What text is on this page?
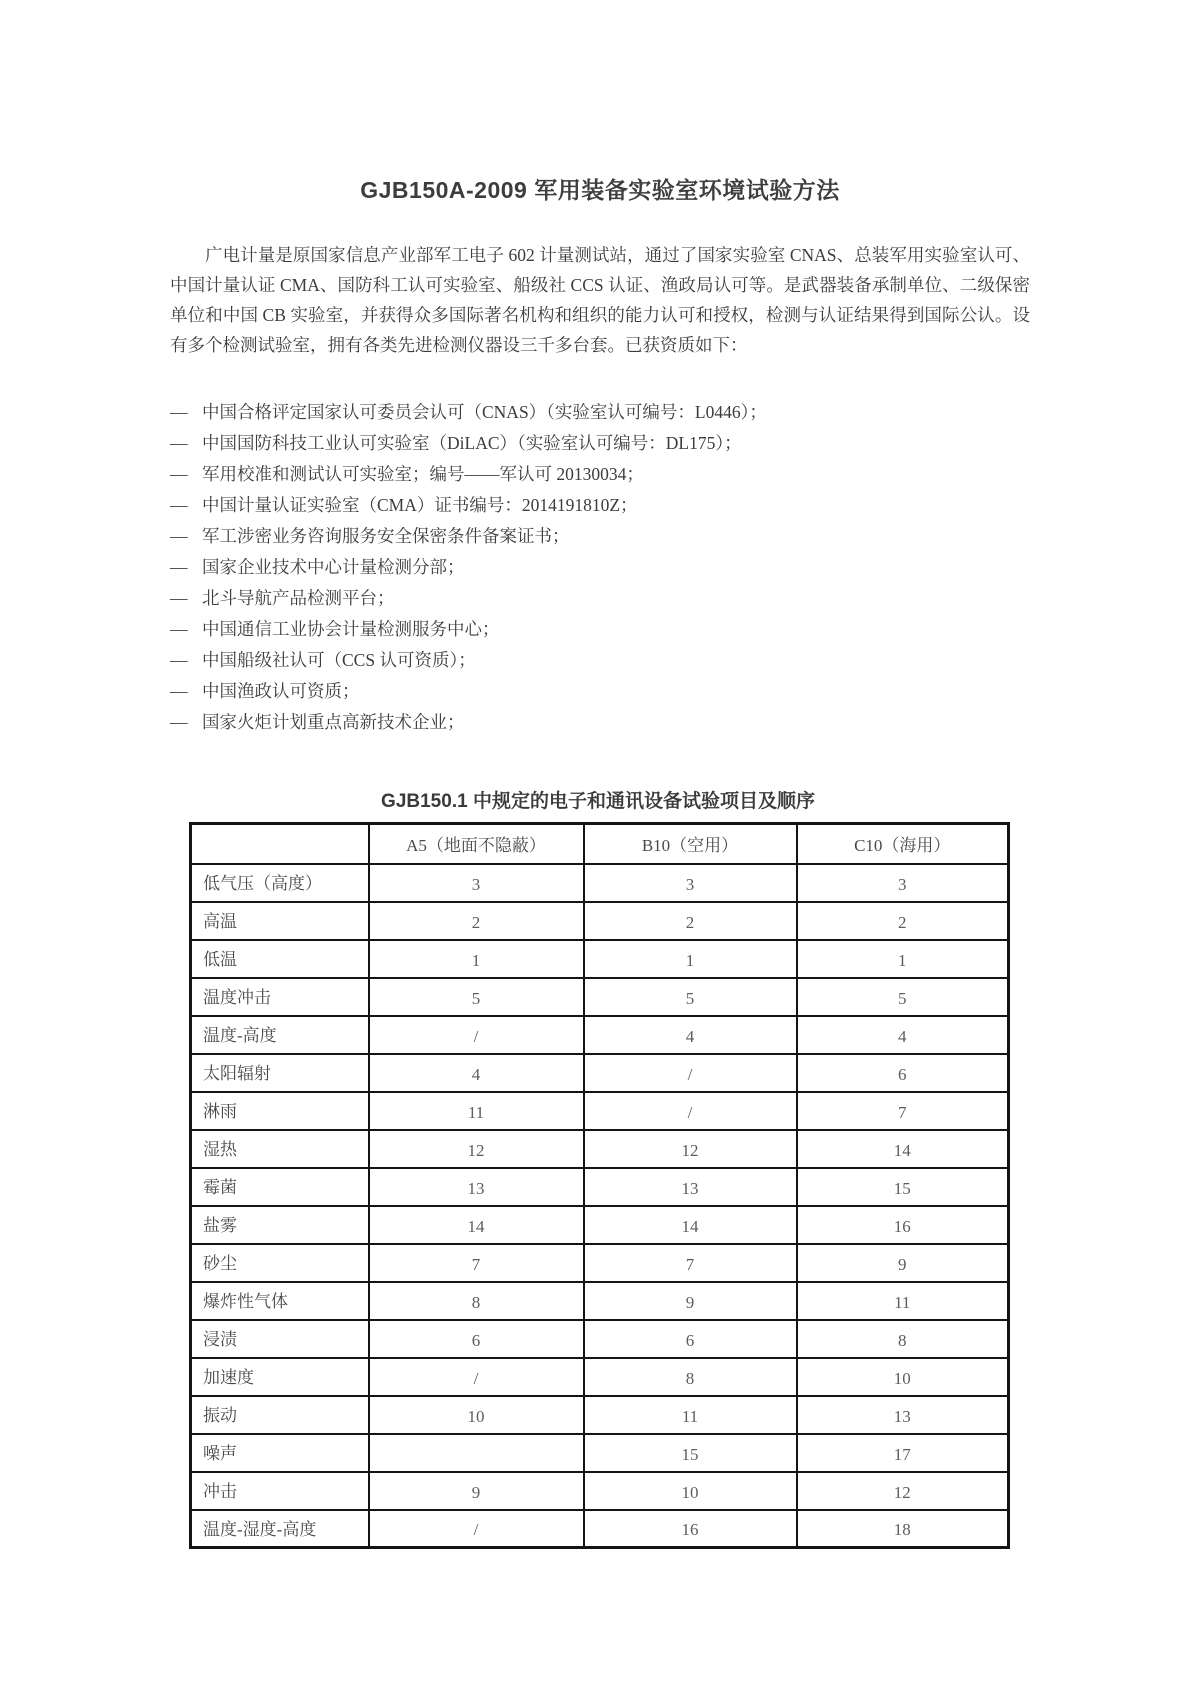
GJB150A-2009 军用装备实验室环境试验方法

广电计量是原国家信息产业部军工电子 602 计量测试站，通过了国家实验室 CNAS、总装军用实验室认可、中国计量认证 CMA、国防科工认可实验室、船级社 CCS 认证、渔政局认可等。是武器装备承制单位、二级保密单位和中国 CB 实验室，并获得众多国际著名机构和组织的能力认可和授权，检测与认证结果得到国际公认。设有多个检测试验室，拥有各类先进检测仪器设三千多台套。已获资质如下：

— 中国合格评定国家认可委员会认可（CNAS）（实验室认可编号：L0446）；
— 中国国防科技工业认可实验室（DiLAC）（实验室认可编号：DL175）；
— 军用校准和测试认可实验室；编号——军认可 20130034；
— 中国计量认证实验室（CMA）证书编号：2014191810Z；
— 军工涉密业务咨询服务安全保密条件备案证书；
— 国家企业技术中心计量检测分部；
— 北斗导航产品检测平台；
— 中国通信工业协会计量检测服务中心；
— 中国船级社认可（CCS 认可资质）；
— 中国渔政认可资质；
— 国家火炬计划重点高新技术企业；
GJB150.1 中规定的电子和通讯设备试验项目及顺序
	A5（地面不隐蔽）	B10（空用）	C10（海用）
低气压（高度）	3	3	3
高温	2	2	2
低温	1	1	1
温度冲击	5	5	5
温度-高度	/	4	4
太阳辐射	4	/	6
淋雨	11	/	7
湿热	12	12	14
霉菌	13	13	15
盐雾	14	14	16
砂尘	7	7	9
爆炸性气体	8	9	11
浸渍	6	6	8
加速度	/	8	10
振动	10	11	13
噪声		15	17
冲击	9	10	12
温度-湿度-高度	/	16	18
